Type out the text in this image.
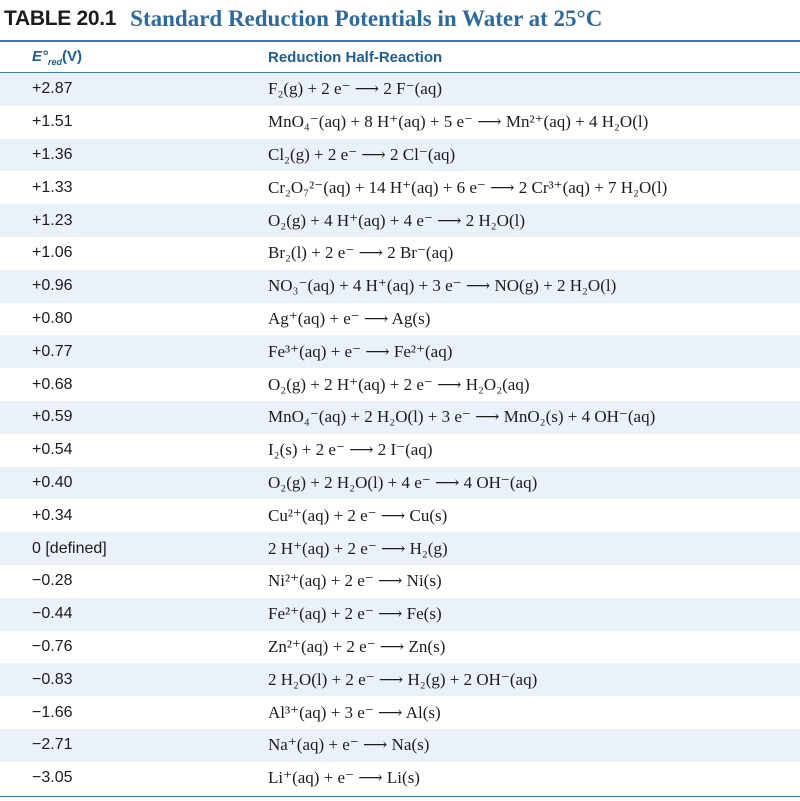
TABLE 20.1 Standard Reduction Potentials in Water at 25°C
$E^\circ_{red}(V)$	Reduction Half-Reaction
+2.87	F₂(g) + 2 e⁻ ⟶ 2 F⁻(aq)
+1.51	MnO₄⁻(aq) + 8 H⁺(aq) + 5 e⁻ ⟶ Mn²⁺(aq) + 4 H₂O(l)
+1.36	Cl₂(g) + 2 e⁻ ⟶ 2 Cl⁻(aq)
+1.33	Cr₂O₇²⁻(aq) + 14 H⁺(aq) + 6 e⁻ ⟶ 2 Cr³⁺(aq) + 7 H₂O(l)
+1.23	O₂(g) + 4 H⁺(aq) + 4 e⁻ ⟶ 2 H₂O(l)
+1.06	Br₂(l) + 2 e⁻ ⟶ 2 Br⁻(aq)
+0.96	NO₃⁻(aq) + 4 H⁺(aq) + 3 e⁻ ⟶ NO(g) + 2 H₂O(l)
+0.80	Ag⁺(aq) + e⁻ ⟶ Ag(s)
+0.77	Fe³⁺(aq) + e⁻ ⟶ Fe²⁺(aq)
+0.68	O₂(g) + 2 H⁺(aq) + 2 e⁻ ⟶ H₂O₂(aq)
+0.59	MnO₄⁻(aq) + 2 H₂O(l) + 3 e⁻ ⟶ MnO₂(s) + 4 OH⁻(aq)
+0.54	I₂(s) + 2 e⁻ ⟶ 2 I⁻(aq)
+0.40	O₂(g) + 2 H₂O(l) + 4 e⁻ ⟶ 4 OH⁻(aq)
+0.34	Cu²⁺(aq) + 2 e⁻ ⟶ Cu(s)
0 [defined]	2 H⁺(aq) + 2 e⁻ ⟶ H₂(g)
−0.28	Ni²⁺(aq) + 2 e⁻ ⟶ Ni(s)
−0.44	Fe²⁺(aq) + 2 e⁻ ⟶ Fe(s)
−0.76	Zn²⁺(aq) + 2 e⁻ ⟶ Zn(s)
−0.83	2 H₂O(l) + 2 e⁻ ⟶ H₂(g) + 2 OH⁻(aq)
−1.66	Al³⁺(aq) + 3 e⁻ ⟶ Al(s)
−2.71	Na⁺(aq) + e⁻ ⟶ Na(s)
−3.05	Li⁺(aq) + e⁻ ⟶ Li(s)
